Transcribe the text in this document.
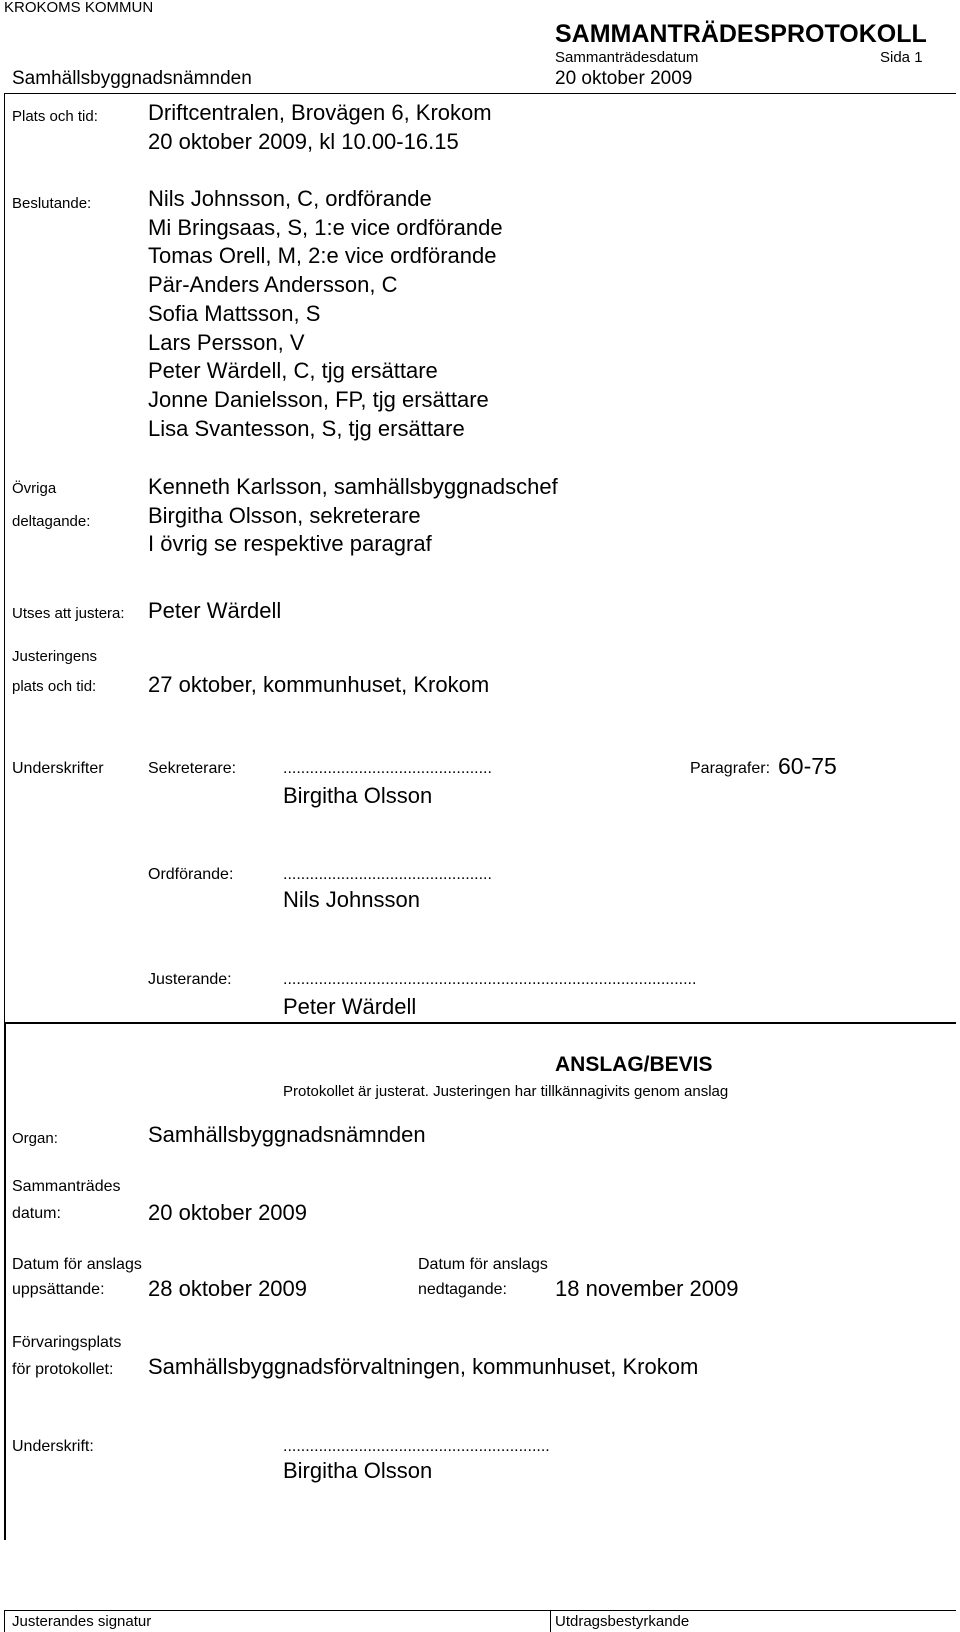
KROKOMS KOMMUN
Samhällsbyggnadsnämnden
SAMMANTRÄDESPROTOKOLL
Sammanträdesdatum	Sida 1
20 oktober 2009
Plats och tid: Driftcentralen, Brovägen 6, Krokom
20 oktober 2009, kl 10.00-16.15
Beslutande:	Nils Johnsson, C, ordförande
Mi Bringsaas, S, 1:e vice ordförande
Tomas Orell, M, 2:e vice ordförande
Pär-Anders Andersson, C
Sofia Mattsson, S
Lars Persson, V
Peter Wärdell, C, tjg ersättare
Jonne Danielsson, FP, tjg ersättare
Lisa Svantesson, S, tjg ersättare
Övriga
deltagande:
Kenneth Karlsson, samhällsbyggnadschef
Birgitha Olsson, sekreterare
I övrig se respektive paragraf
Utses att justera: Peter Wärdell
Justeringens
plats och tid: 27 oktober, kommunhuset, Krokom
Underskrifter	Sekreterare:	...............................................	Paragrafer: 60-75
Birgitha Olsson
Ordförande:	...............................................
Nils Johnsson
Justerande:	.............................................................................................
Peter Wärdell
ANSLAG/BEVIS
Protokollet är justerat. Justeringen har tillkännagivits genom anslag
Organ:	Samhällsbyggnadsnämnden
Sammanträdes
datum:	20 oktober 2009
Datum för anslags
uppsättande: 28 oktober 2009
Datum för anslags
nedtagande: 18 november 2009
Förvaringsplats
för protokollet: Samhällsbyggnadsförvaltningen, kommunhuset, Krokom
Underskrift:	............................................................
Birgitha Olsson
Justerandes signatur	Utdragsbestyrkande
